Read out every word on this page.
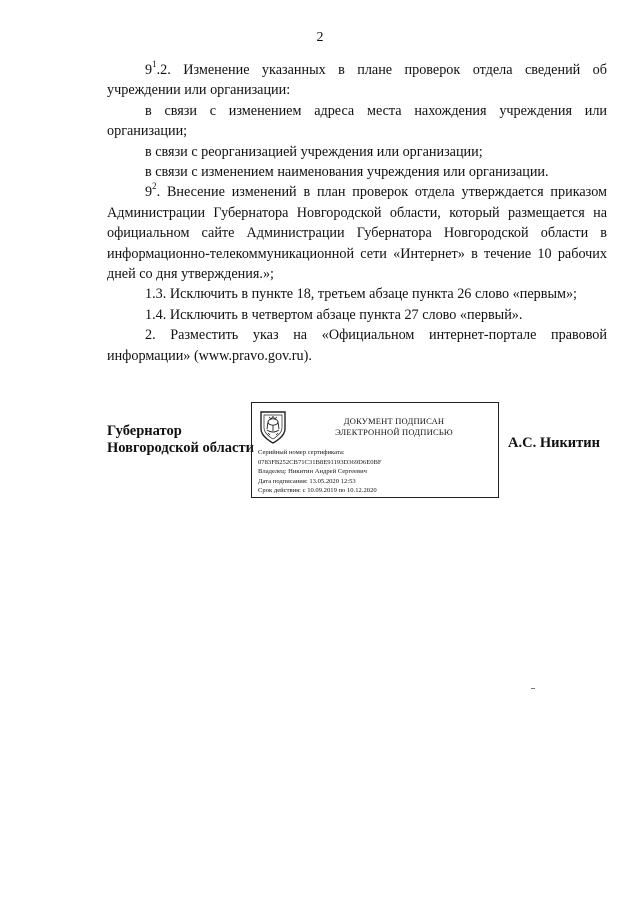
2

$9^1.2$. Изменение указанных в плане проверок отдела сведений об учреждении или организации:

в связи с изменением адреса места нахождения учреждения или организации;

в связи с реорганизацией учреждения или организации;

в связи с изменением наименования учреждения или организации.

$9^2$. Внесение изменений в план проверок отдела утверждается приказом Администрации Губернатора Новгородской области, который размещается на официальном сайте Администрации Губернатора Новгородской области в информационно-телекоммуникационной сети «Интернет» в течение 10 рабочих дней со дня утверждения.»;

1.3. Исключить в пункте 18, третьем абзаце пункта 26 слово «первым»;

1.4. Исключить в четвертом абзаце пункта 27 слово «первый».

2. Разместить указ на «Официальном интернет-портале правовой информации» (www.pravo.gov.ru).

Губернатор
Новгородской области
ДОКУМЕНТ ПОДПИСАН
ЭЛЕКТРОННОЙ ПОДПИСЬЮ
Серийный номер сертификата:
0783FB252CB71C31B8E91193D369D6E0BF
Владелец: Никитин Андрей Сергеевич
Дата подписания: 13.05.2020 12:53
Срок действия: с 10.09.2019 по 10.12.2020
А.С. Никитин
